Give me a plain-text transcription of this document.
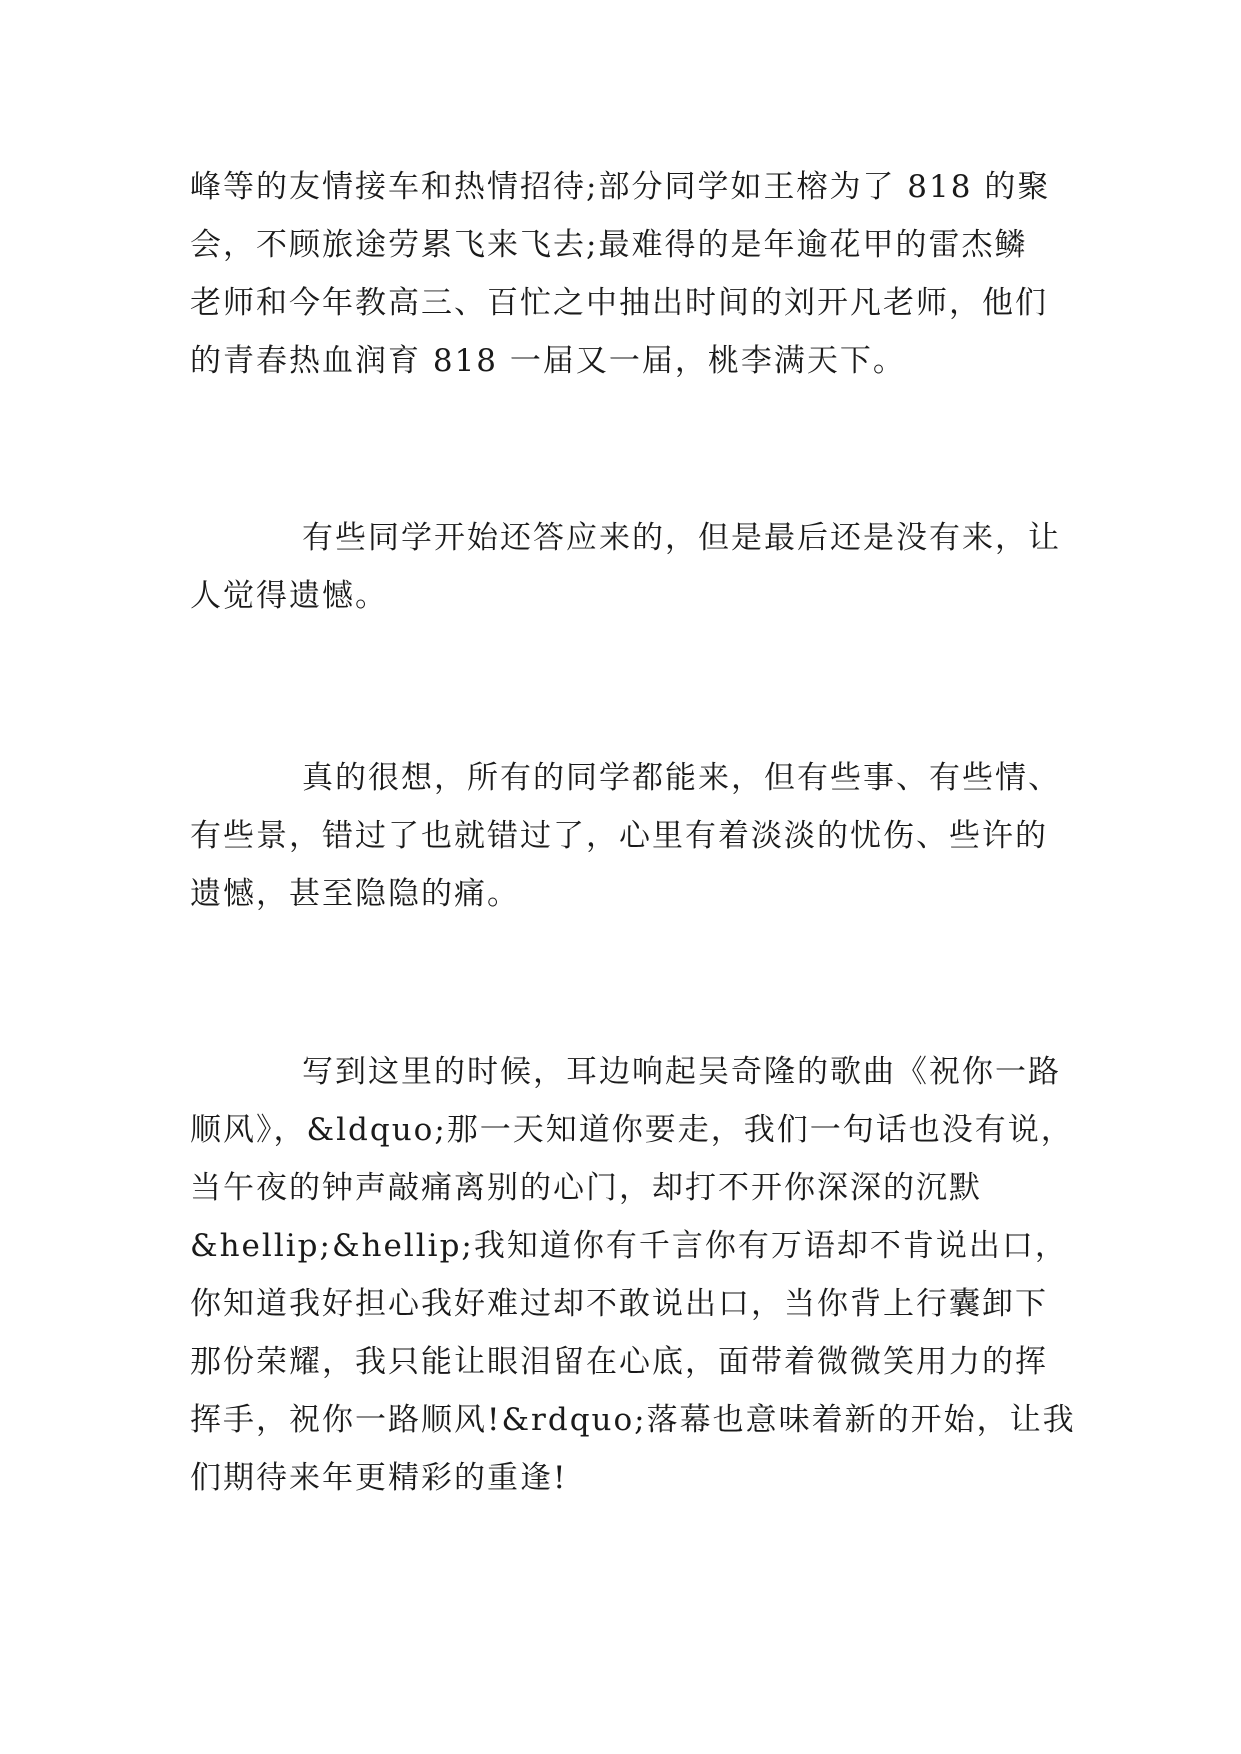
峰等的友情接车和热情招待;部分同学如王榕为了 818 的聚
会，不顾旅途劳累飞来飞去;最难得的是年逾花甲的雷杰鳞
老师和今年教高三、百忙之中抽出时间的刘开凡老师，他们
的青春热血润育 818 一届又一届，桃李满天下。
有些同学开始还答应来的，但是最后还是没有来，让
人觉得遗憾。
真的很想，所有的同学都能来，但有些事、有些情、
有些景，错过了也就错过了，心里有着淡淡的忧伤、些许的
遗憾，甚至隐隐的痛。
写到这里的时候，耳边响起吴奇隆的歌曲《祝你一路
顺风》，&ldquo;那一天知道你要走，我们一句话也没有说，
当午夜的钟声敲痛离别的心门，却打不开你深深的沉默
&hellip;&hellip;我知道你有千言你有万语却不肯说出口，
你知道我好担心我好难过却不敢说出口，当你背上行囊卸下
那份荣耀，我只能让眼泪留在心底，面带着微微笑用力的挥
挥手，祝你一路顺风!&rdquo;落幕也意味着新的开始，让我
们期待来年更精彩的重逢!
